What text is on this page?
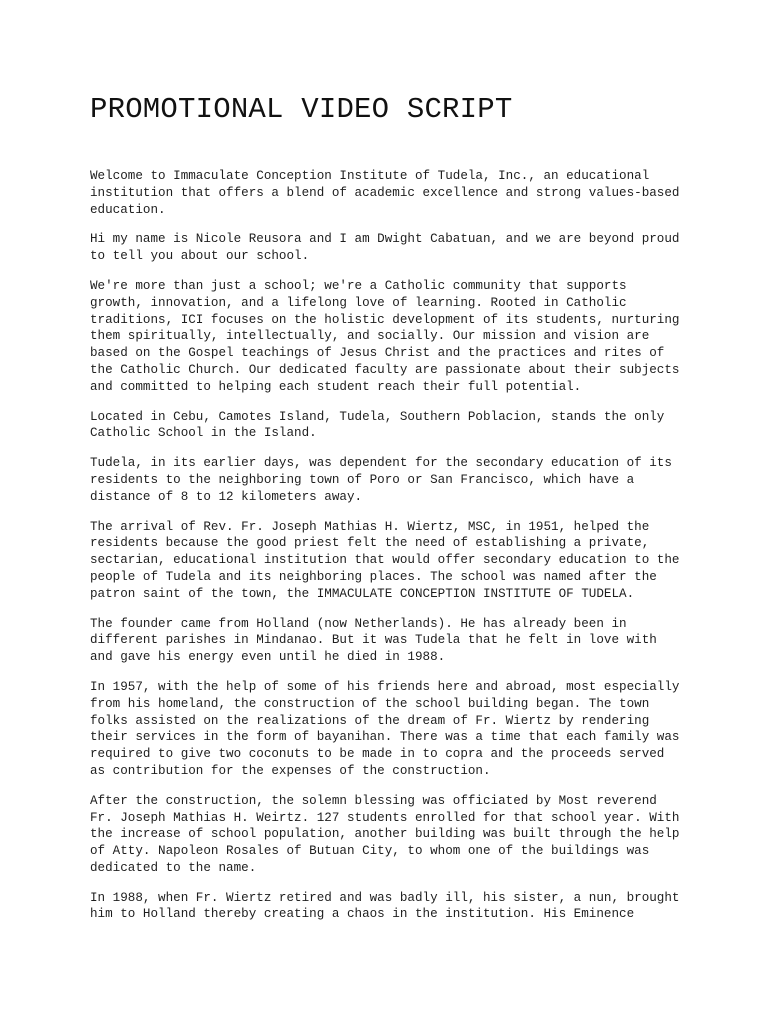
PROMOTIONAL VIDEO SCRIPT

Welcome to Immaculate Conception Institute of Tudela, Inc., an educational
institution that offers a blend of academic excellence and strong values-based
education.

Hi my name is Nicole Reusora and I am Dwight Cabatuan, and we are beyond proud
to tell you about our school.

We're more than just a school; we're a Catholic community that supports
growth, innovation, and a lifelong love of learning. Rooted in Catholic
traditions, ICI focuses on the holistic development of its students, nurturing
them spiritually, intellectually, and socially. Our mission and vision are
based on the Gospel teachings of Jesus Christ and the practices and rites of
the Catholic Church. Our dedicated faculty are passionate about their subjects
and committed to helping each student reach their full potential.

Located in Cebu, Camotes Island, Tudela, Southern Poblacion, stands the only
Catholic School in the Island.

Tudela, in its earlier days, was dependent for the secondary education of its
residents to the neighboring town of Poro or San Francisco, which have a
distance of 8 to 12 kilometers away.

The arrival of Rev. Fr. Joseph Mathias H. Wiertz, MSC, in 1951, helped the
residents because the good priest felt the need of establishing a private,
sectarian, educational institution that would offer secondary education to the
people of Tudela and its neighboring places. The school was named after the
patron saint of the town, the IMMACULATE CONCEPTION INSTITUTE OF TUDELA.

The founder came from Holland (now Netherlands). He has already been in
different parishes in Mindanao. But it was Tudela that he felt in love with
and gave his energy even until he died in 1988.

In 1957, with the help of some of his friends here and abroad, most especially
from his homeland, the construction of the school building began. The town
folks assisted on the realizations of the dream of Fr. Wiertz by rendering
their services in the form of bayanihan. There was a time that each family was
required to give two coconuts to be made in to copra and the proceeds served
as contribution for the expenses of the construction.

After the construction, the solemn blessing was officiated by Most reverend
Fr. Joseph Mathias H. Weirtz. 127 students enrolled for that school year. With
the increase of school population, another building was built through the help
of Atty. Napoleon Rosales of Butuan City, to whom one of the buildings was
dedicated to the name.

In 1988, when Fr. Wiertz retired and was badly ill, his sister, a nun, brought
him to Holland thereby creating a chaos in the institution. His Eminence
